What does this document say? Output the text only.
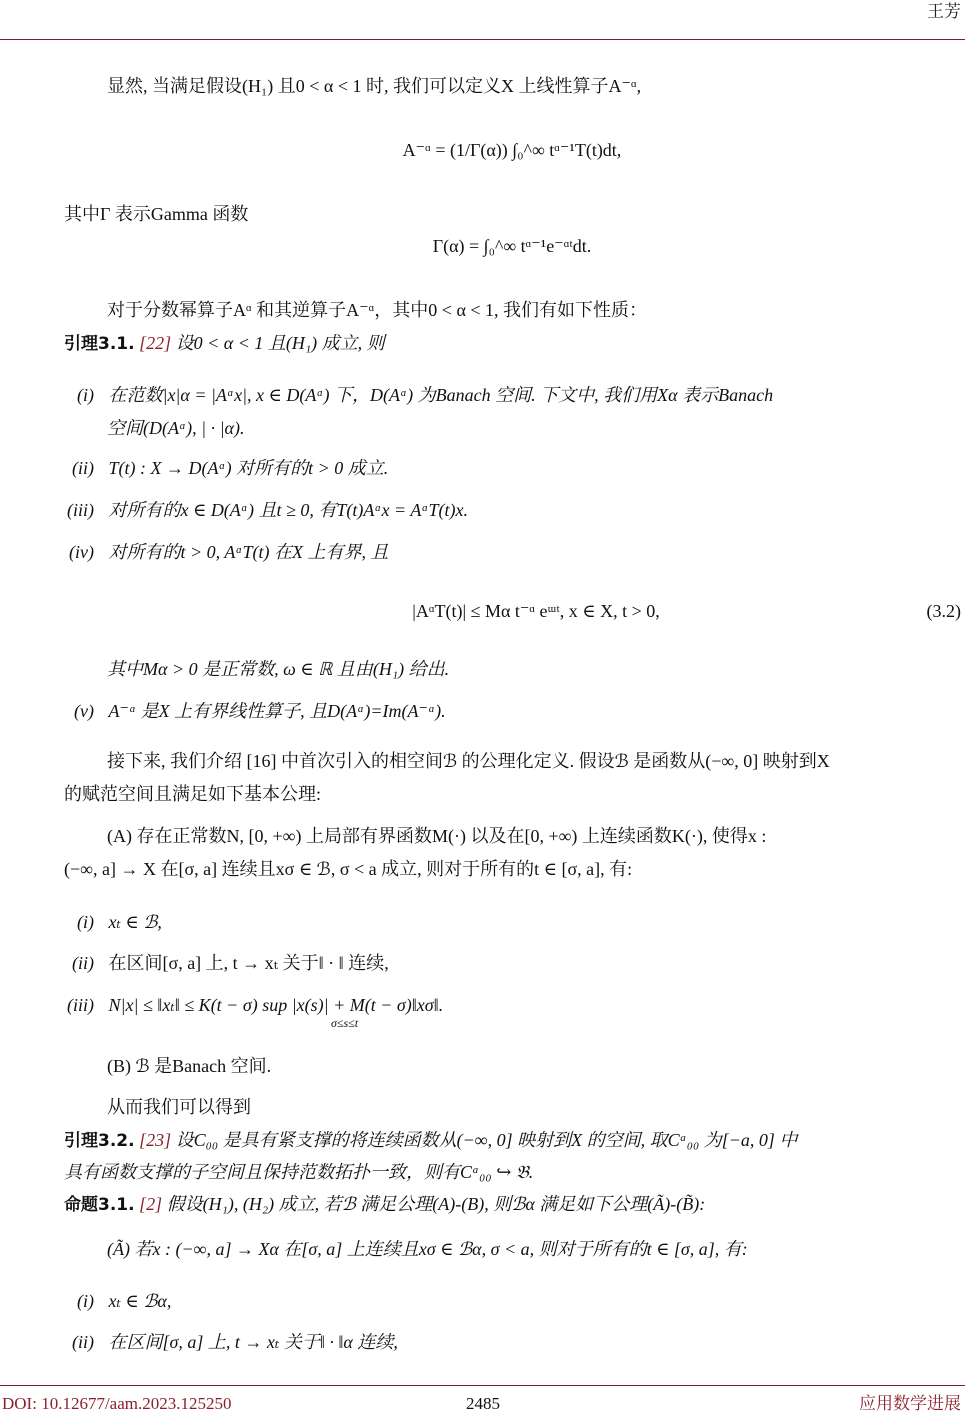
王芳
显然, 当满足假设(H₁) 且0 < α < 1 时, 我们可以定义X 上线性算子A⁻ᵅ,
A⁻ᵅ = (1/Γ(α)) ∫₀^∞ tᵅ⁻¹T(t)dt,
其中Γ 表示Gamma 函数
Γ(α) = ∫₀^∞ tᵅ⁻¹e⁻ᵅᵗdt.
对于分数幂算子Aᵅ 和其逆算子A⁻ᵅ，其中0 < α < 1, 我们有如下性质：
引理3.1. [22] 设0 < α < 1 且(H₁) 成立, 则
(i) 在范数|x|α = |Aᵅx|, x ∈ D(Aᵅ) 下，D(Aᵅ) 为Banach 空间. 下文中, 我们用Xα 表示Banach
空间(D(Aᵅ), | · |α).
(ii) T(t) : X → D(Aᵅ) 对所有的t > 0 成立.
(iii) 对所有的x ∈ D(Aᵅ) 且t ≥ 0, 有T(t)Aᵅx = AᵅT(t)x.
(iv) 对所有的t > 0, AᵅT(t) 在X 上有界, 且
|AᵅT(t)| ≤ Mα t⁻ᵅ eᵚᵗ, x ∈ X, t > 0,	(3.2)
其中Mα > 0 是正常数, ω ∈ ℝ 且由(H₁) 给出.
(v) A⁻ᵅ 是X 上有界线性算子, 且D(Aᵅ)=Im(A⁻ᵅ).
接下来, 我们介绍 [16] 中首次引入的相空间ℬ 的公理化定义. 假设ℬ 是函数从(−∞, 0] 映射到X
的赋范空间且满足如下基本公理:
(A) 存在正常数N, [0, +∞) 上局部有界函数M(·) 以及在[0, +∞) 上连续函数K(·), 使得x :
(−∞, a] → X 在[σ, a] 连续且xσ ∈ ℬ, σ < a 成立, 则对于所有的t ∈ [σ, a], 有:
(i) xₜ ∈ ℬ,
(ii) 在区间[σ, a] 上, t → xₜ 关于‖ · ‖ 连续,
(iii) N|x| ≤ ‖xₜ‖ ≤ K(t − σ) sup |x(s)| + M(t − σ)‖xσ‖.
σ≤s≤t
(B) ℬ 是Banach 空间.
从而我们可以得到
引理3.2. [23] 设C₀₀ 是具有紧支撑的将连续函数从(−∞, 0] 映射到X 的空间, 取Cᵃ₀₀ 为[−a, 0] 中
具有函数支撑的子空间且保持范数拓扑一致，则有Cᵃ₀₀ ↪ 𝔅.
命题3.1. [2] 假设(H₁), (H₂) 成立, 若ℬ 满足公理(A)-(B), 则ℬα 满足如下公理(Ã)-(B̃):
(Ã) 若x : (−∞, a] → Xα 在[σ, a] 上连续且xσ ∈ ℬα, σ < a, 则对于所有的t ∈ [σ, a], 有:
(i) xₜ ∈ ℬα,
(ii) 在区间[σ, a] 上, t → xₜ 关于‖ · ‖α 连续,
DOI: 10.12677/aam.2023.125250	2485	应用数学进展
